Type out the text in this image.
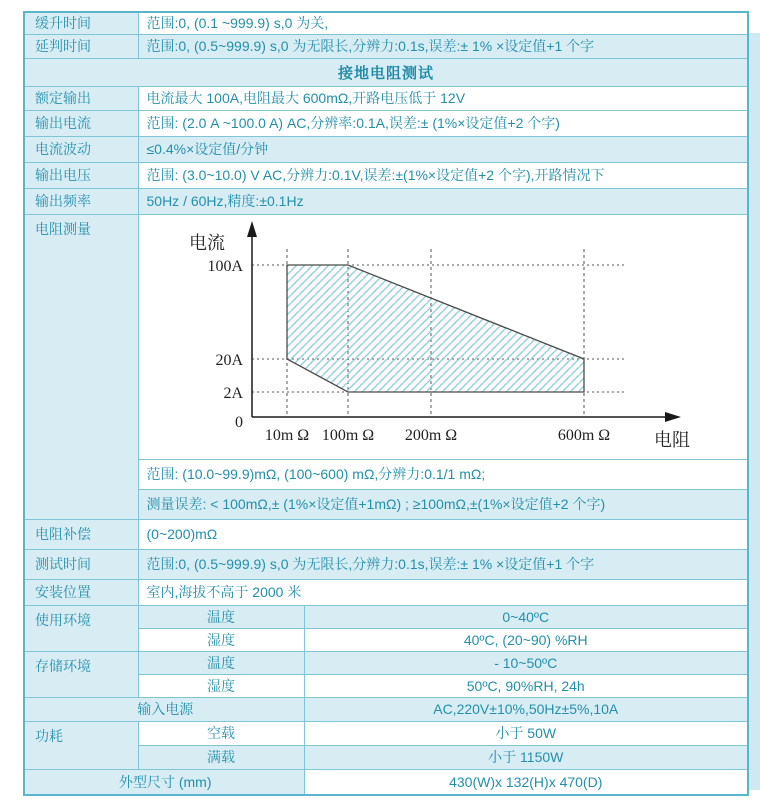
缓升时间	范围:0, (0.1 ~999.9) s,0 为关,	
延判时间	范围:0, (0.5~999.9) s,0 为无限长,分辨力:0.1s,误差:± 1% ×设定值+1 个字	
接地电阻测试		
额定输出	电流最大 100A,电阻最大 600mΩ,开路电压低于 12V	
输出电流	范围: (2.0 A ~100.0 A) AC,分辨率:0.1A,误差:± (1%×设定值+2 个字)	
电流波动	≤0.4%×设定值/分钟	
输出电压	范围: (3.0~10.0) V AC,分辨力:0.1V,误差:±(1%×设定值+2 个字),开路情况下	
输出频率	50Hz / 60Hz,精度:±0.1Hz	
电阻测量	
电流
100A
20A
2A
0
10m Ω 100m Ω 200m Ω	600m Ω 电阻

	范围: (10.0~99.9)mΩ, (100~600) mΩ,分辨力:0.1/1 mΩ;	
	测量误差: < 100mΩ,± (1%×设定值+1mΩ) ; ≥100mΩ,±(1%×设定值+2 个字)	
电阻补偿	(0~200)mΩ	
测试时间	范围:0, (0.5~999.9) s,0 为无限长,分辨力:0.1s,误差:± 1% ×设定值+1 个字	
安装位置	室内,海拔不高于 2000 米	
使用环境	温度	0~40ºC
	湿度	40ºC, (20~90) %RH
存储环境	温度	- 10~50ºC
	湿度	50ºC, 90%RH, 24h
输入电源		AC,220V±10%,50Hz±5%,10A
功耗	空载	小于 50W
	满载	小于 1150W
外型尺寸 (mm)		430(W)x 132(H)x 470(D)
